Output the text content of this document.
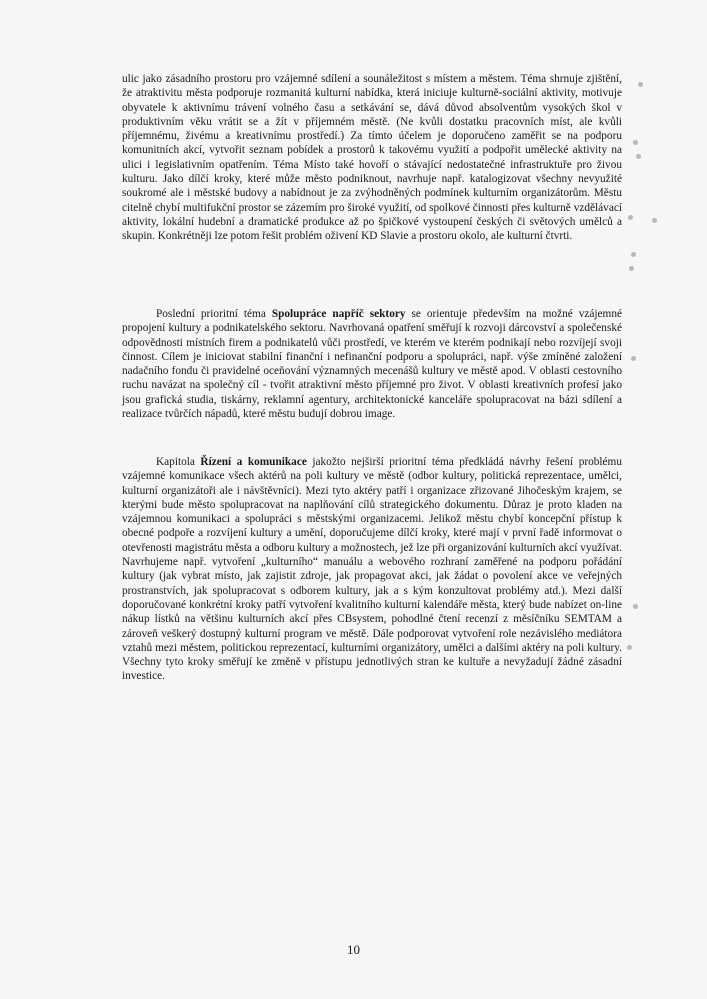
ulic jako zásadního prostoru pro vzájemné sdílení a sounáležitost s místem a městem. Téma shrnuje zjištění, že atraktivitu města podporuje rozmanitá kulturní nabídka, která iniciuje kulturně-sociální aktivity, motivuje obyvatele k aktivnímu trávení volného času a setkávání se, dává důvod absolventům vysokých škol v produktivním věku vrátit se a žít v příjemném městě. (Ne kvůli dostatku pracovních míst, ale kvůli příjemnému, živému a kreativnímu prostředí.) Za tímto účelem je doporučeno zaměřit se na podporu komunitních akcí, vytvořit seznam pobídek a prostorů k takovému využití a podpořit umělecké aktivity na ulici i legislativním opatřením. Téma Místo také hovoří o stávající nedostatečné infrastruktuře pro živou kulturu. Jako dílčí kroky, které může město podniknout, navrhuje např. katalogizovat všechny nevyužité soukromé ale i městské budovy a nabídnout je za zvýhodněných podmínek kulturním organizátorům. Městu citelně chybí multifukční prostor se zázemím pro široké využití, od spolkové činnosti přes kulturně vzdělávací aktivity, lokální hudební a dramatické produkce až po špičkové vystoupení českých či světových umělců a skupin. Konkrétněji lze potom řešit problém oživení KD Slavie a prostoru okolo, ale kulturní čtvrti.
Poslední prioritní téma Spolupráce napříč sektory se orientuje především na možné vzájemné propojení kultury a podnikatelského sektoru. Navrhovaná opatření směřují k rozvoji dárcovství a společenské odpovědnosti místních firem a podnikatelů vůči prostředí, ve kterém ve kterém podnikají nebo rozvíjejí svoji činnost. Cílem je iniciovat stabilní finanční i nefinanční podporu a spolupráci, např. výše zmíněné založení nadačního fondu či pravidelné oceňování významných mecenášů kultury ve městě apod. V oblasti cestovního ruchu navázat na společný cíl - tvořit atraktivní město příjemné pro život. V oblasti kreativních profesí jako jsou grafická studia, tiskárny, reklamní agentury, architektonické kanceláře spolupracovat na bázi sdílení a realizace tvůrčích nápadů, které městu budují dobrou image.
Kapitola Řízení a komunikace jakožto nejširší prioritní téma předkládá návrhy řešení problému vzájemné komunikace všech aktérů na poli kultury ve městě (odbor kultury, politická reprezentace, umělci, kulturní organizátoři ale i návštěvníci). Mezi tyto aktéry patří i organizace zřizované Jihočeským krajem, se kterými bude město spolupracovat na naplňování cílů strategického dokumentu. Důraz je proto kladen na vzájemnou komunikaci a spolupráci s městskými organizacemi. Jelikož městu chybí koncepční přístup k obecné podpoře a rozvíjení kultury a umění, doporučujeme dílčí kroky, které mají v první řadě informovat o otevřenosti magistrátu města a odboru kultury a možnostech, jež lze při organizování kulturních akcí využívat. Navrhujeme např. vytvoření „kulturního“ manuálu a webového rozhraní zaměřené na podporu pořádání kultury (jak vybrat místo, jak zajistit zdroje, jak propagovat akci, jak žádat o povolení akce ve veřejných prostranstvích, jak spolupracovat s odborem kultury, jak a s kým konzultovat problémy atd.). Mezi další doporučované konkrétní kroky patří vytvoření kvalitního kulturní kalendáře města, který bude nabízet on-line nákup lístků na většinu kulturních akcí přes CBsystem, pohodlné čtení recenzí z měsíčníku SEMTAM a zároveň veškerý dostupný kulturní program ve městě. Dále podporovat vytvoření role nezávislého mediátora vztahů mezi městem, politickou reprezentací, kulturními organizátory, umělci a dalšími aktéry na poli kultury. Všechny tyto kroky směřují ke změně v přístupu jednotlivých stran ke kultuře a nevyžadují žádné zásadní investice.
10
